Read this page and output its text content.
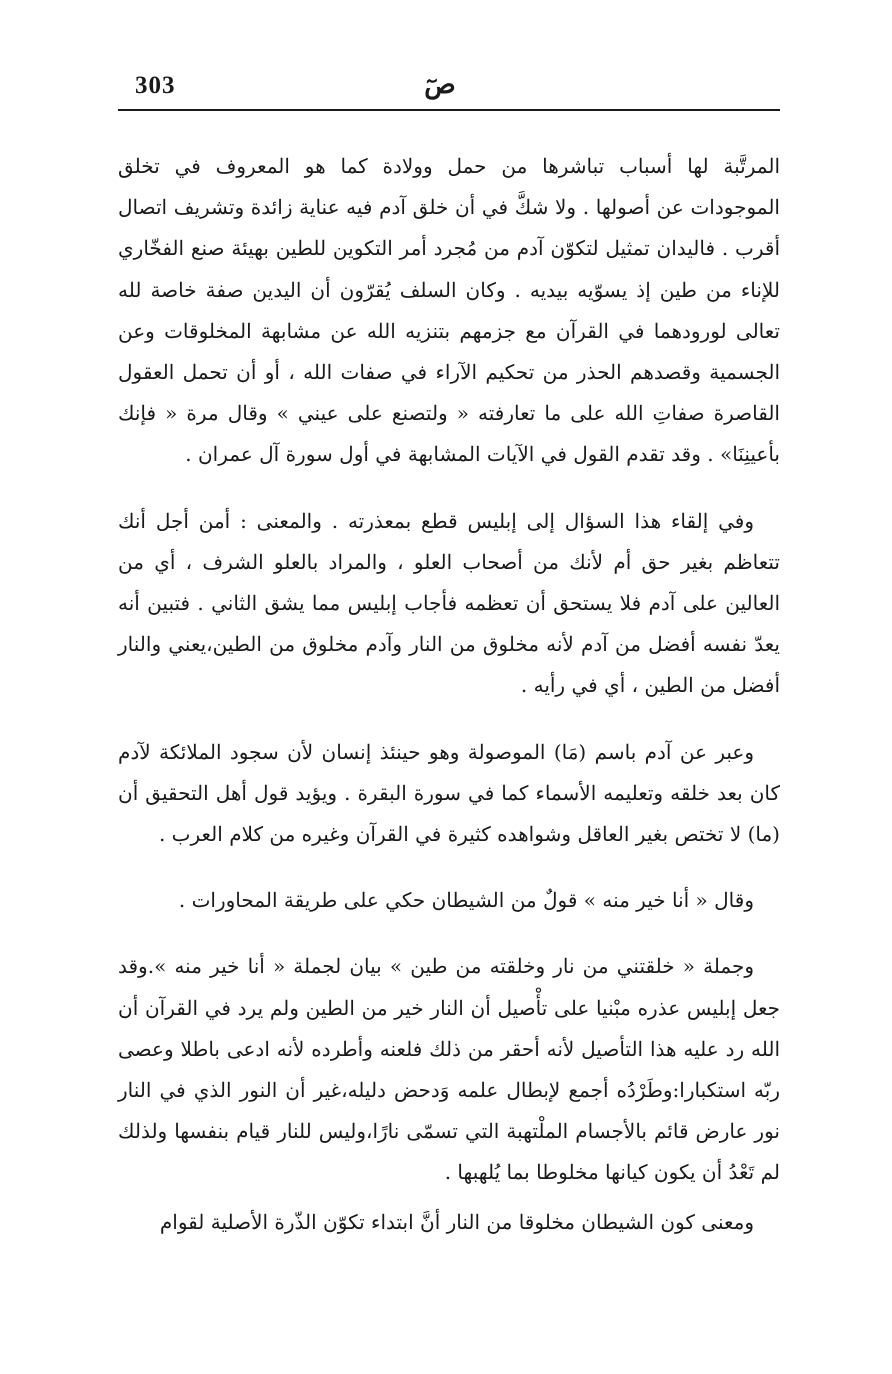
303	صٓ

المرتَّبة لها أسباب تباشرها من حمل وولادة كما هو المعروف في تخلق الموجودات عن أصولها . ولا شكَّ في أن خلق آدم فيه عناية زائدة وتشريف اتصال أقرب . فاليدان تمثيل لتكوّن آدم من مُجرد أمر التكوين للطين بهيئة صنع الفخّاري للإناء من طين إذ يسوّيه بيديه . وكان السلف يُقرّون أن اليدين صفة خاصة لله تعالى لورودهما في القرآن مع جزمهم بتنزيه الله عن مشابهة المخلوقات وعن الجسمية وقصدهم الحذر من تحكيم الآراء في صفات الله ، أو أن تحمل العقول القاصرة صفاتِ الله على ما تعارفته « ولتصنع على عيني » وقال مرة « فإنك بأعينِنَا» . وقد تقدم القول في الآيات المشابهة في أول سورة آل عمران .

وفي إلقاء هذا السؤال إلى إبليس قطع بمعذرته . والمعنى : أمن أجل أنك تتعاظم بغير حق أم لأنك من أصحاب العلو ، والمراد بالعلو الشرف ، أي من العالين على آدم فلا يستحق أن تعظمه فأجاب إبليس مما يشق الثاني . فتبين أنه يعدّ نفسه أفضل من آدم لأنه مخلوق من النار وآدم مخلوق من الطين،يعني والنار أفضل من الطين ، أي في رأيه .

وعبر عن آدم باسم (مَا) الموصولة وهو حينئذ إنسان لأن سجود الملائكة لآدم كان بعد خلقه وتعليمه الأسماء كما في سورة البقرة . ويؤيد قول أهل التحقيق أن (ما) لا تختص بغير العاقل وشواهده كثيرة في القرآن وغيره من كلام العرب .

وقال « أنا خير منه » قولٌ من الشيطان حكي على طريقة المحاورات .

وجملة « خلقتني من نار وخلقته من طين » بيان لجملة « أنا خير منه ».وقد جعل إبليس عذره مبْنيا على تأْصيل أن النار خير من الطين ولم يرد في القرآن أن الله رد عليه هذا التأصيل لأنه أحقر من ذلك فلعنه وأطرده لأنه ادعى باطلا وعصى ربّه استكبارا:وطَرْدُه أجمع لإبطال علمه وَدحض دليله،غير أن النور الذي في النار نور عارض قائم بالأجسام الملْتهبة التي تسمّى نارًا،وليس للنار قيام بنفسها ولذلك لم تَعْدُ أن يكون كيانها مخلوطا بما يُلهبها .

ومعنى كون الشيطان مخلوقا من النار أنَّ ابتداء تكوّن الذّرة الأصلية لقوام
